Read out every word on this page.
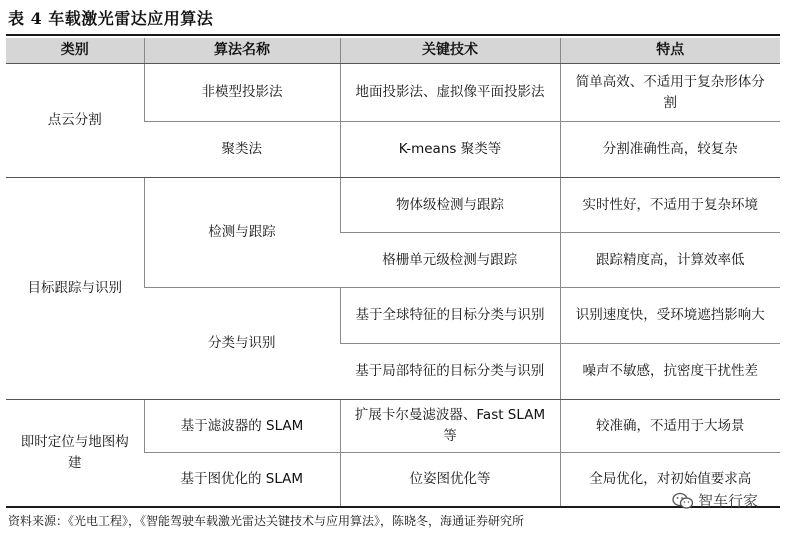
表 4 车载激光雷达应用算法
类别	算法名称	关键技术	特点
点云分割	非模型投影法	地面投影法、虚拟像平面投影法	简单高效、不适用于复杂形体分割
	聚类法	K-means 聚类等	分割准确性高，较复杂
目标跟踪与识别	检测与跟踪	物体级检测与跟踪	实时性好，不适用于复杂环境
		格栅单元级检测与跟踪	跟踪精度高，计算效率低
	分类与识别	基于全球特征的目标分类与识别	识别速度快，受环境遮挡影响大
		基于局部特征的目标分类与识别	噪声不敏感，抗密度干扰性差
即时定位与地图构建	基于滤波器的 SLAM	扩展卡尔曼滤波器、Fast SLAM 等	较准确，不适用于大场景
	基于图优化的 SLAM	位姿图优化等	全局优化，对初始值要求高
智车行家
资料来源：《光电工程》，《智能驾驶车载激光雷达关键技术与应用算法》，陈晓冬，海通证券研究所
